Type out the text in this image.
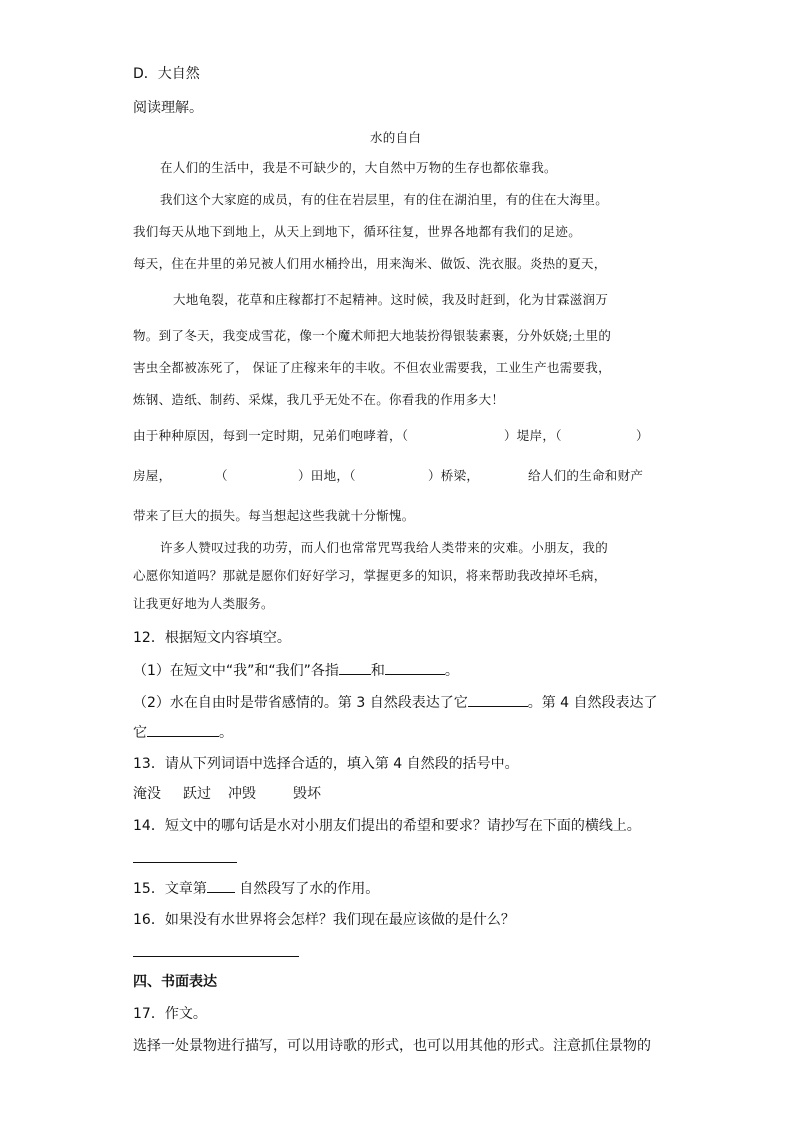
D．大自然
阅读理解。
水的自白
在人们的生活中，我是不可缺少的，大自然中万物的生存也都依靠我。
我们这个大家庭的成员，有的住在岩层里，有的住在湖泊里，有的住在大海里。
我们每天从地下到地上，从天上到地下，循环往复，世界各地都有我们的足迹。
每天，住在井里的弟兄被人们用水桶拎出，用来淘米、做饭、洗衣服。炎热的夏天，
大地龟裂，花草和庄稼都打不起精神。这时候，我及时赶到，化为甘霖滋润万
物。到了冬天，我变成雪花，像一个魔术师把大地装扮得银装素裹，分外妖娆;土里的
害虫全都被冻死了， 保证了庄稼来年的丰收。不但农业需要我，工业生产也需要我，
炼钢、造纸、制药、采煤，我几乎无处不在。你看我的作用多大！
由于种种原因，每到一定时期，兄弟们咆哮着，（	）堤岸，（	）
房屋，	（	）田地，（	）桥梁，	给人们的生命和财产
带来了巨大的损失。每当想起这些我就十分惭愧。
许多人赞叹过我的功劳，而人们也常常咒骂我给人类带来的灾难。小朋友，我的
心愿你知道吗？那就是愿你们好好学习，掌握更多的知识，将来帮助我改掉坏毛病，
让我更好地为人类服务。
12．根据短文内容填空。
（1）在短文中“我”和“我们”各指 和	。
（2）水在自由时是带省感情的。第 3 自然段表达了它	。第 4 自然段表达了
它	。
13．请从下列词语中选择合适的，填入第 4 自然段的括号中。
淹没 跃过 冲毁	毁坏
14．短文中的哪句话是水对小朋友们提出的希望和要求？请抄写在下面的横线上。
15．文章第 自然段写了水的作用。
16．如果没有水世界将会怎样？我们现在最应该做的是什么？
四、书面表达
17．作文。
选择一处景物进行描写，可以用诗歌的形式，也可以用其他的形式。注意抓住景物的
